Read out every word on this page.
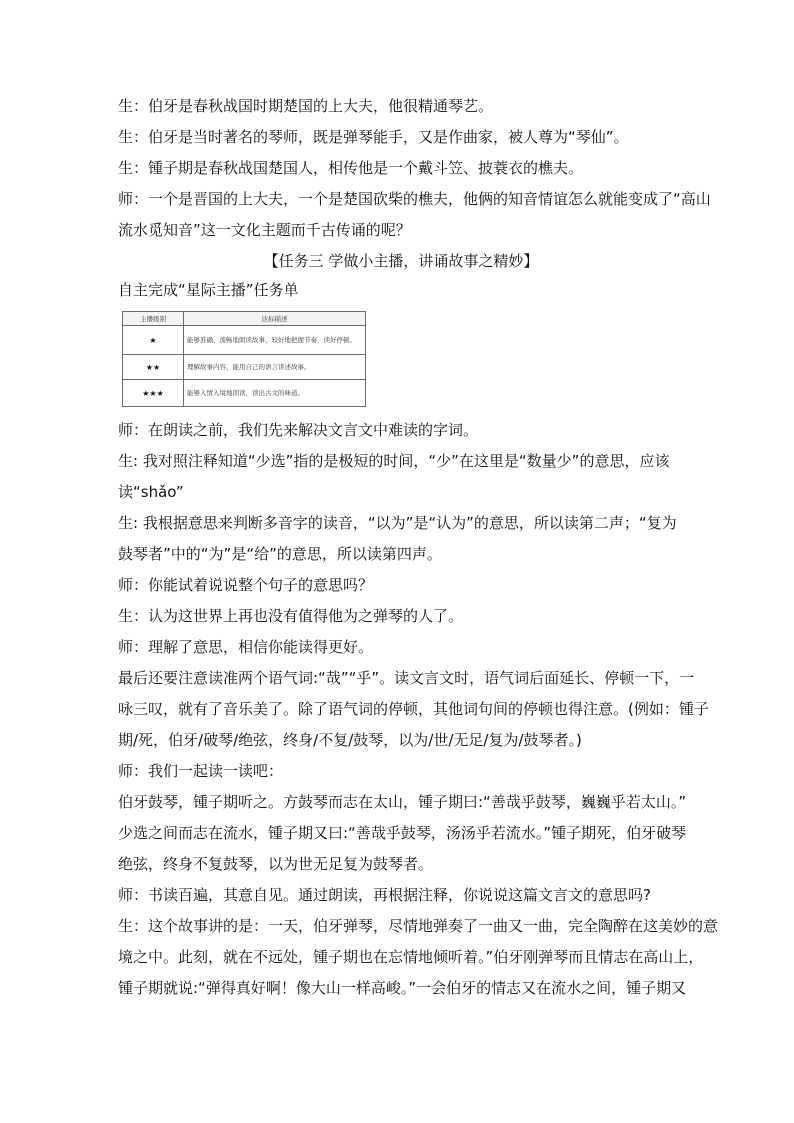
生：伯牙是春秋战国时期楚国的上大夫，他很精通琴艺。

生：伯牙是当时著名的琴师，既是弹琴能手，又是作曲家，被人尊为“琴仙”。

生：锺子期是春秋战国楚国人，相传他是一个戴斗笠、披蓑衣的樵夫。

师：一个是晋国的上大夫，一个是楚国砍柴的樵夫，他俩的知音情谊怎么就能变成了“高山

流水觅知音”这一文化主题而千古传诵的呢？

【任务三 学做小主播，讲诵故事之精妙】

自主完成“星际主播”任务单

主播级别	达标描述
★	能够准确、流畅地朗读故事，较好地把握节奏，读好停顿。
★★	理解故事内容，能用自己的语言讲述故事。
★★★	能够入情入境地朗读，读出古文的味道。

师：在朗读之前，我们先来解决文言文中难读的字词。

生: 我对照注释知道“少选”指的是极短的时间，“少”在这里是“数量少”的意思，应该

读“shǎo”

生: 我根据意思来判断多音字的读音，“以为”是“认为”的意思，所以读第二声；“复为

鼓琴者”中的“为”是“给”的意思，所以读第四声。

师：你能试着说说整个句子的意思吗？

生：认为这世界上再也没有值得他为之弹琴的人了。

师：理解了意思，相信你能读得更好。

最后还要注意读准两个语气词:“哉”“乎”。读文言文时，语气词后面延长、停顿一下，一

咏三叹，就有了音乐美了。除了语气词的停顿，其他词句间的停顿也得注意。(例如：锺子

期/死，伯牙/破琴/绝弦，终身/不复/鼓琴，以为/世/无足/复为/鼓琴者。)

师：我们一起读一读吧：

伯牙鼓琴，锺子期听之。方鼓琴而志在太山，锺子期曰:“善哉乎鼓琴，巍巍乎若太山。”

少选之间而志在流水，锺子期又曰:“善哉乎鼓琴，汤汤乎若流水。”锺子期死，伯牙破琴

绝弦，终身不复鼓琴，以为世无足复为鼓琴者。

师：书读百遍，其意自见。通过朗读，再根据注释，你说说这篇文言文的意思吗?

生：这个故事讲的是：一天，伯牙弹琴，尽情地弹奏了一曲又一曲，完全陶醉在这美妙的意

境之中。此刻，就在不远处，锺子期也在忘情地倾听着。”伯牙刚弹琴而且情志在高山上，

锺子期就说:“弹得真好啊！像大山一样高峻。”一会伯牙的情志又在流水之间，锺子期又
